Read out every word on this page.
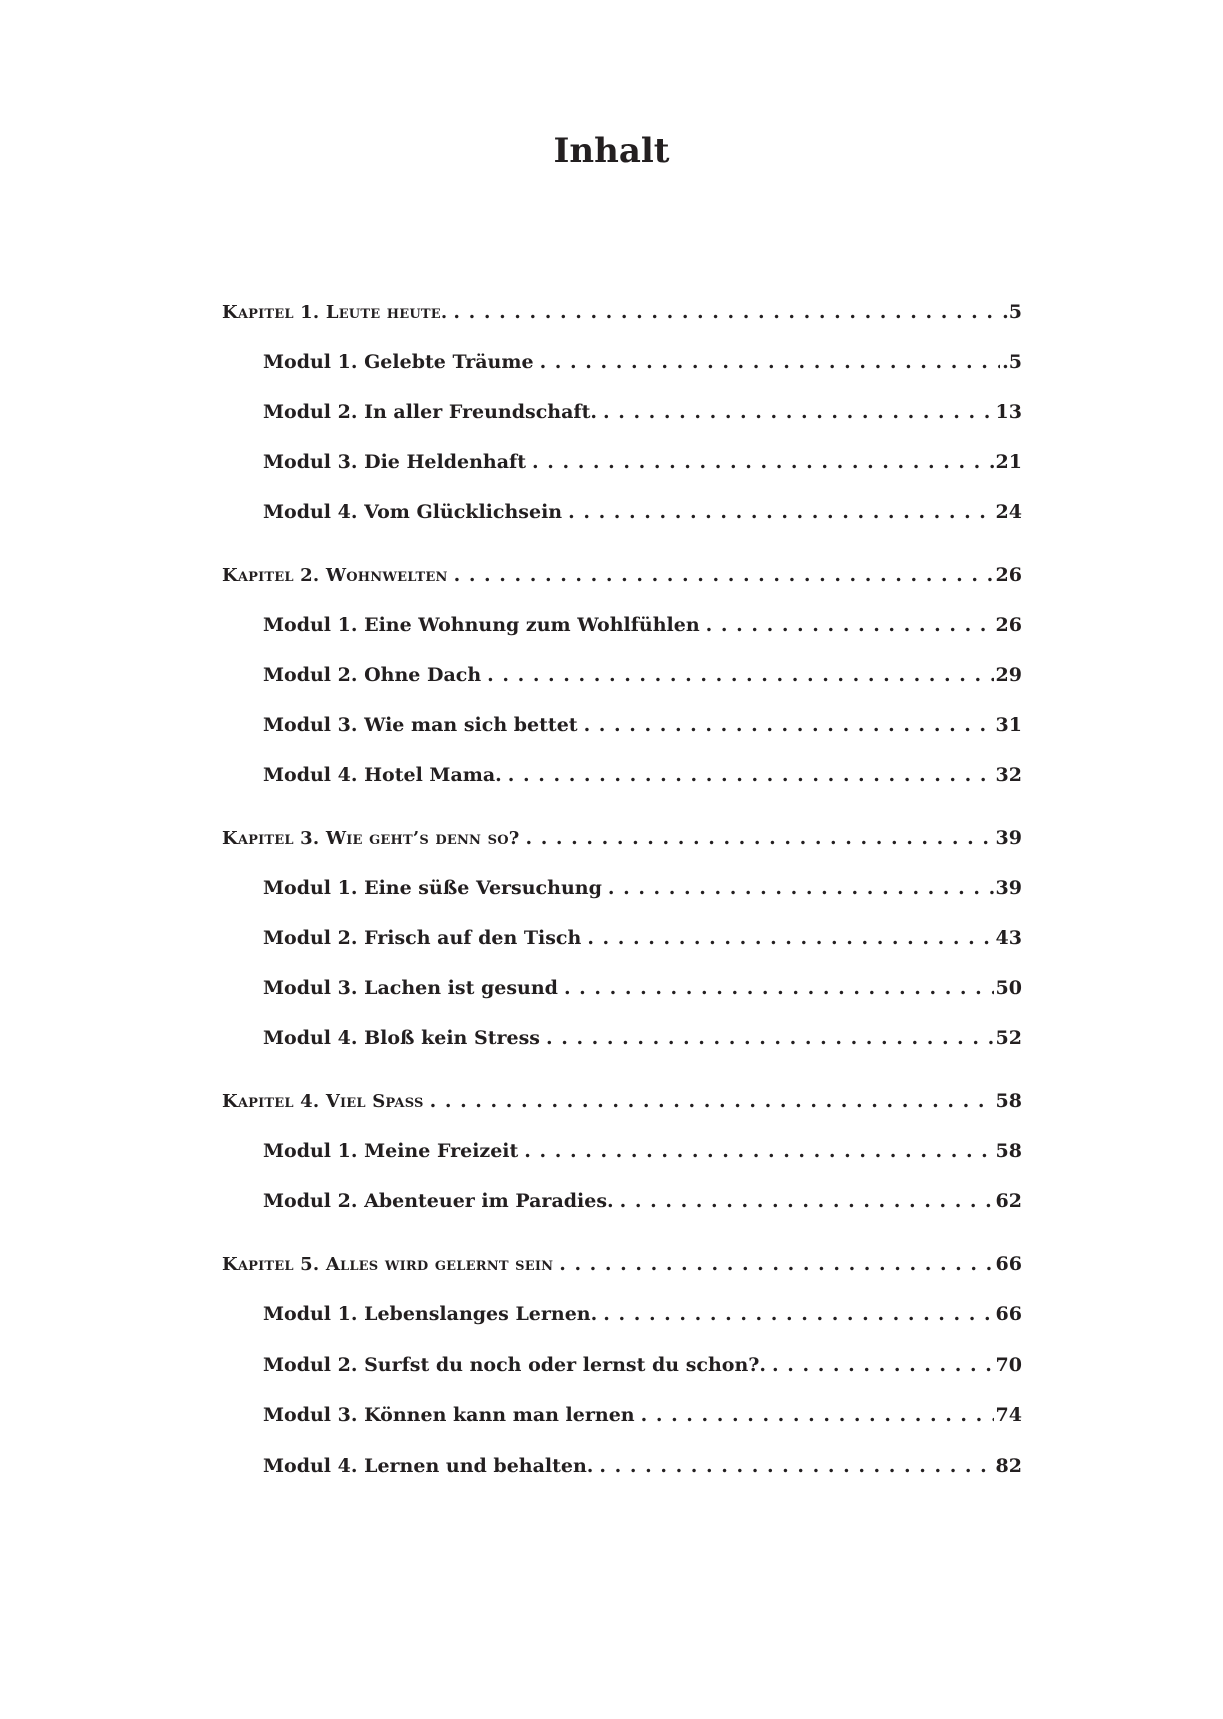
Inhalt
Kapitel 1. Leute heute. . . .	.5
Modul 1. Gelebte Träume . . .	.5
Modul 2. In aller Freundschaft. . . .	13
Modul 3. Die Heldenhaft . . .	21
Modul 4. Vom Glücklichsein . . .	24
Kapitel 2. Wohnwelten . . .	26
Modul 1. Eine Wohnung zum Wohlfühlen . . .	26
Modul 2. Ohne Dach . . .	29
Modul 3. Wie man sich bettet . . .	31
Modul 4. Hotel Mama. . . .	32
Kapitel 3. Wie geht’s denn so? . . .	39
Modul 1. Eine süße Versuchung . . .	39
Modul 2. Frisch auf den Tisch . . .	43
Modul 3. Lachen ist gesund . . .	50
Modul 4. Bloß kein Stress . . .	52
Kapitel 4. Viel Spass . . .	58
Modul 1. Meine Freizeit . . .	58
Modul 2. Abenteuer im Paradies. . . .	62
Kapitel 5. Alles wird gelernt sein . . .	66
Modul 1. Lebenslanges Lernen. . . .	66
Modul 2. Surfst du noch oder lernst du schon?. . . .	70
Modul 3. Können kann man lernen . . .	74
Modul 4. Lernen und behalten. . . .	82
